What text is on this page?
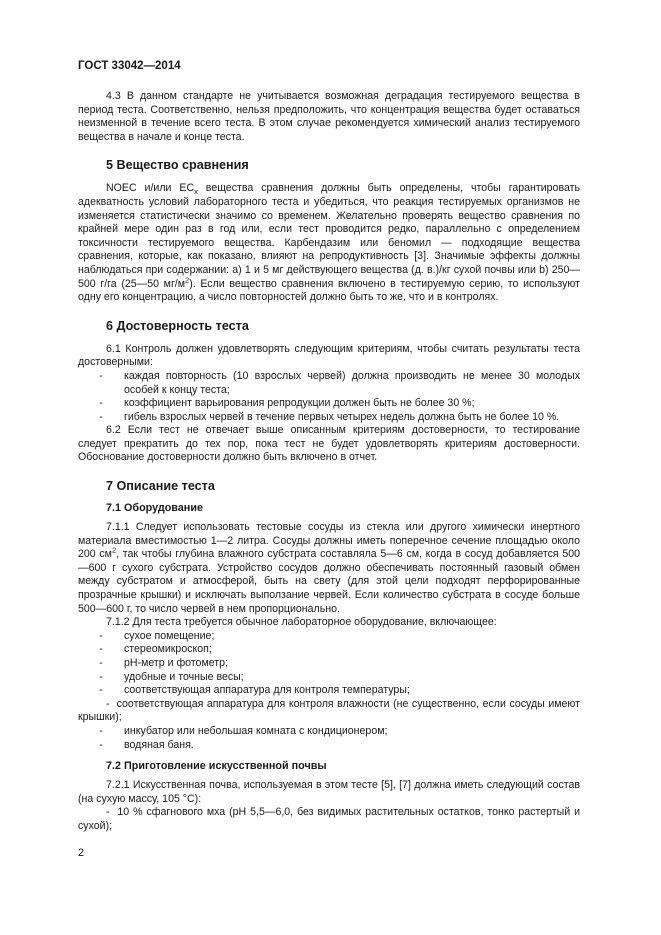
ГОСТ 33042—2014

4.3 В данном стандарте не учитывается возможная деградация тестируемого вещества в период теста. Соответственно, нельзя предположить, что концентрация вещества будет оставаться неизменной в течение всего теста. В этом случае рекомендуется химический анализ тестируемого вещества в начале и конце теста.

5 Вещество сравнения

NOEC и/или $EC_x$ вещества сравнения должны быть определены, чтобы гарантировать адекватность условий лабораторного теста и убедиться, что реакция тестируемых организмов не изменяется статистически значимо со временем. Желательно проверять вещество сравнения по крайней мере один раз в год или, если тест проводится редко, параллельно с определением токсичности тестируемого вещества. Карбендазим или беномил — подходящие вещества сравнения, которые, как показано, влияют на репродуктивность [3]. Значимые эффекты должны наблюдаться при содержании: а) 1 и 5 мг действующего вещества (д. в.)/кг сухой почвы или b) 250—500 г/га (25—50 $мг/м^2$). Если вещество сравнения включено в тестируемую серию, то используют одну его концентрацию, а число повторностей должно быть то же, что и в контролях.

6 Достоверность теста

6.1 Контроль должен удовлетворять следующим критериям, чтобы считать результаты теста достоверными:

-	каждая повторность (10 взрослых червей) должна производить не менее 30 молодых особей к концу теста;
-	коэффициент варьирования репродукции должен быть не более 30 %;
-	гибель взрослых червей в течение первых четырех недель должна быть не более 10 %.

6.2 Если тест не отвечает выше описанным критериям достоверности, то тестирование следует прекратить до тех пор, пока тест не будет удовлетворять критериям достоверности. Обоснование достоверности должно быть включено в отчет.

7 Описание теста
7.1 Оборудование

7.1.1 Следует использовать тестовые сосуды из стекла или другого химически инертного материала вместимостью 1—2 литра. Сосуды должны иметь поперечное сечение площадью около 200 $см^2$, так чтобы глубина влажного субстрата составляла 5—6 см, когда в сосуд добавляется 500—600 г сухого субстрата. Устройство сосудов должно обеспечивать постоянный газовый обмен между субстратом и атмосферой, быть на свету (для этой цели подходят перфорированные прозрачные крышки) и исключать выползание червей. Если количество субстрата в сосуде больше 500—600 г, то число червей в нем пропорционально.

7.1.2 Для теста требуется обычное лабораторное оборудование, включающее:

-	сухое помещение;
-	стереомикроскоп;
-	рН-метр и фотометр;
-	удобные и точные весы;
-	соответствующая аппаратура для контроля температуры;

- соответствующая аппаратура для контроля влажности (не существенно, если сосуды имеют крышки);

-	инкубатор или небольшая комната с кондиционером;
-	водяная баня.
7.2 Приготовление искусственной почвы

7.2.1 Искусственная почва, используемая в этом тесте [5], [7] должна иметь следующий состав (на сухую массу, 105 °С):

- 10 % сфагнового мха (рН 5,5—6,0, без видимых растительных остатков, тонко растертый и сухой);

2
